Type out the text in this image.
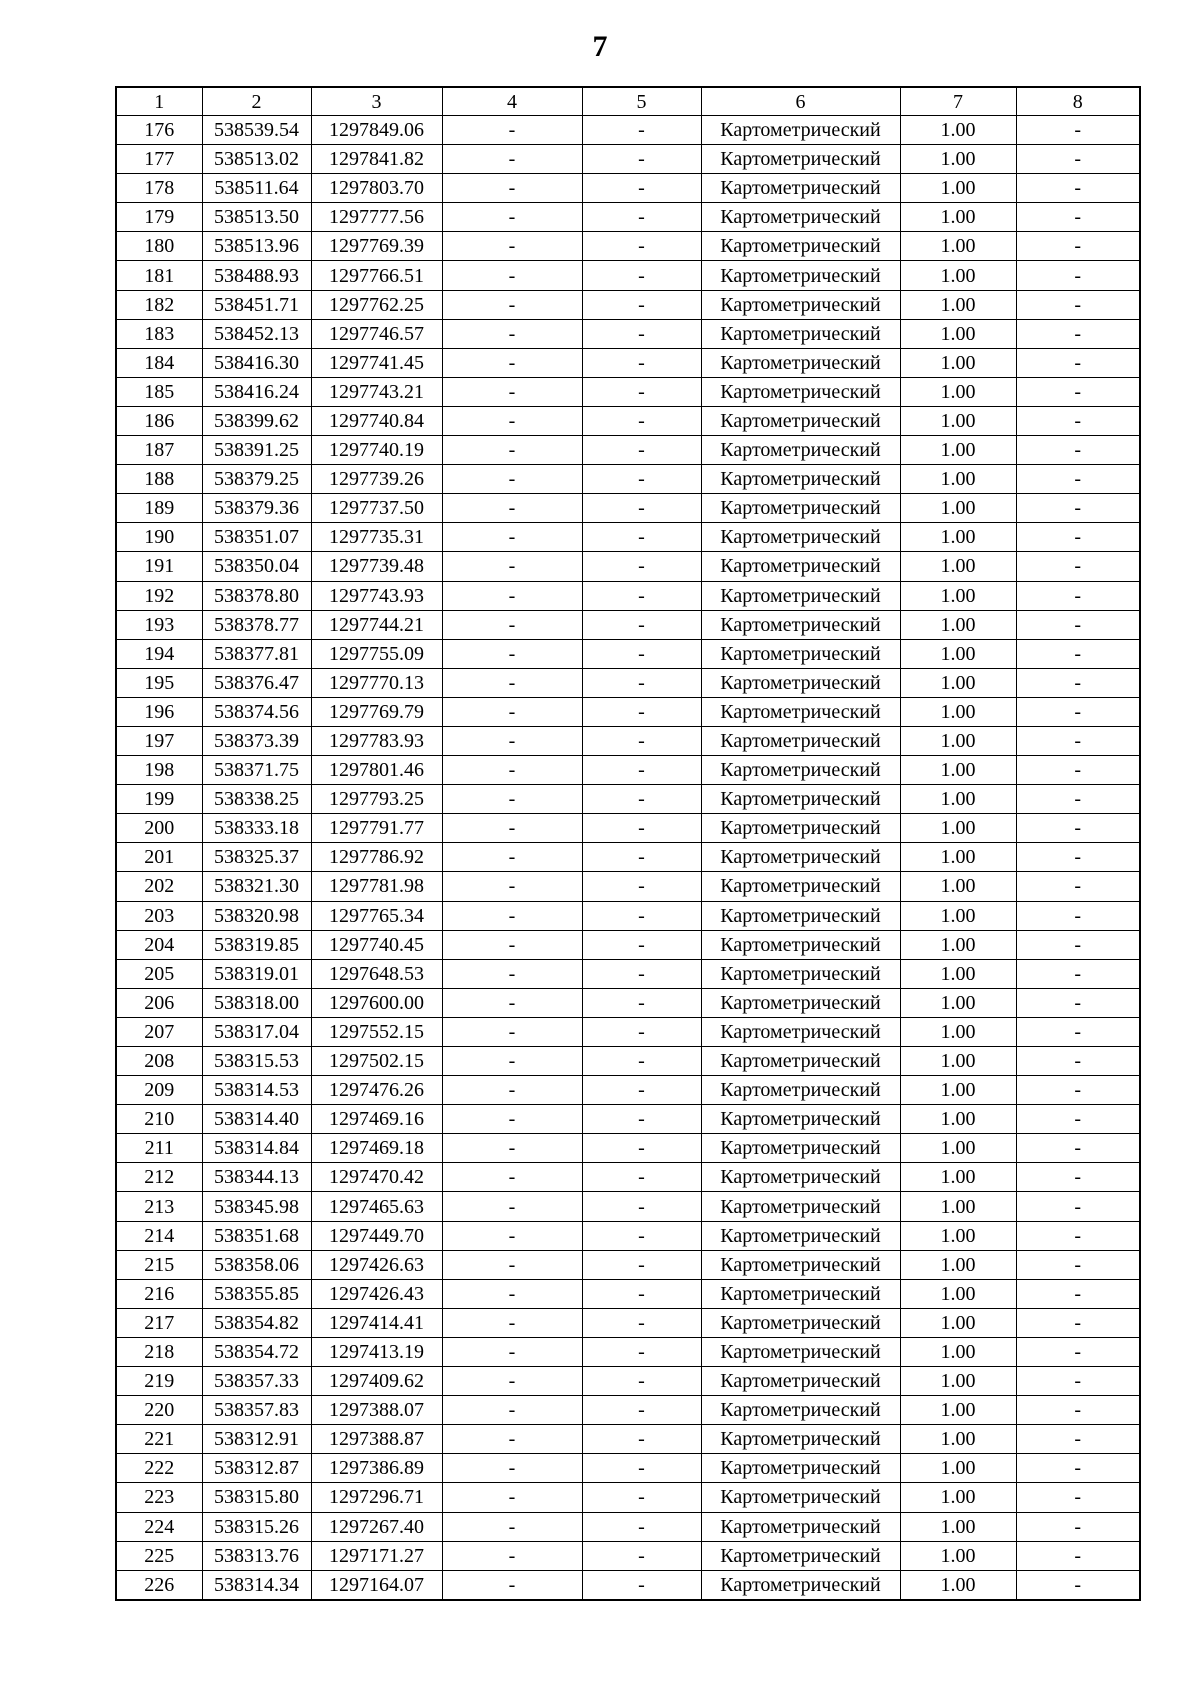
7
1	2	3	4	5	6	7	8
176	538539.54	1297849.06	-	-	Картометрический	1.00	-
177	538513.02	1297841.82	-	-	Картометрический	1.00	-
178	538511.64	1297803.70	-	-	Картометрический	1.00	-
179	538513.50	1297777.56	-	-	Картометрический	1.00	-
180	538513.96	1297769.39	-	-	Картометрический	1.00	-
181	538488.93	1297766.51	-	-	Картометрический	1.00	-
182	538451.71	1297762.25	-	-	Картометрический	1.00	-
183	538452.13	1297746.57	-	-	Картометрический	1.00	-
184	538416.30	1297741.45	-	-	Картометрический	1.00	-
185	538416.24	1297743.21	-	-	Картометрический	1.00	-
186	538399.62	1297740.84	-	-	Картометрический	1.00	-
187	538391.25	1297740.19	-	-	Картометрический	1.00	-
188	538379.25	1297739.26	-	-	Картометрический	1.00	-
189	538379.36	1297737.50	-	-	Картометрический	1.00	-
190	538351.07	1297735.31	-	-	Картометрический	1.00	-
191	538350.04	1297739.48	-	-	Картометрический	1.00	-
192	538378.80	1297743.93	-	-	Картометрический	1.00	-
193	538378.77	1297744.21	-	-	Картометрический	1.00	-
194	538377.81	1297755.09	-	-	Картометрический	1.00	-
195	538376.47	1297770.13	-	-	Картометрический	1.00	-
196	538374.56	1297769.79	-	-	Картометрический	1.00	-
197	538373.39	1297783.93	-	-	Картометрический	1.00	-
198	538371.75	1297801.46	-	-	Картометрический	1.00	-
199	538338.25	1297793.25	-	-	Картометрический	1.00	-
200	538333.18	1297791.77	-	-	Картометрический	1.00	-
201	538325.37	1297786.92	-	-	Картометрический	1.00	-
202	538321.30	1297781.98	-	-	Картометрический	1.00	-
203	538320.98	1297765.34	-	-	Картометрический	1.00	-
204	538319.85	1297740.45	-	-	Картометрический	1.00	-
205	538319.01	1297648.53	-	-	Картометрический	1.00	-
206	538318.00	1297600.00	-	-	Картометрический	1.00	-
207	538317.04	1297552.15	-	-	Картометрический	1.00	-
208	538315.53	1297502.15	-	-	Картометрический	1.00	-
209	538314.53	1297476.26	-	-	Картометрический	1.00	-
210	538314.40	1297469.16	-	-	Картометрический	1.00	-
211	538314.84	1297469.18	-	-	Картометрический	1.00	-
212	538344.13	1297470.42	-	-	Картометрический	1.00	-
213	538345.98	1297465.63	-	-	Картометрический	1.00	-
214	538351.68	1297449.70	-	-	Картометрический	1.00	-
215	538358.06	1297426.63	-	-	Картометрический	1.00	-
216	538355.85	1297426.43	-	-	Картометрический	1.00	-
217	538354.82	1297414.41	-	-	Картометрический	1.00	-
218	538354.72	1297413.19	-	-	Картометрический	1.00	-
219	538357.33	1297409.62	-	-	Картометрический	1.00	-
220	538357.83	1297388.07	-	-	Картометрический	1.00	-
221	538312.91	1297388.87	-	-	Картометрический	1.00	-
222	538312.87	1297386.89	-	-	Картометрический	1.00	-
223	538315.80	1297296.71	-	-	Картометрический	1.00	-
224	538315.26	1297267.40	-	-	Картометрический	1.00	-
225	538313.76	1297171.27	-	-	Картометрический	1.00	-
226	538314.34	1297164.07	-	-	Картометрический	1.00	-
